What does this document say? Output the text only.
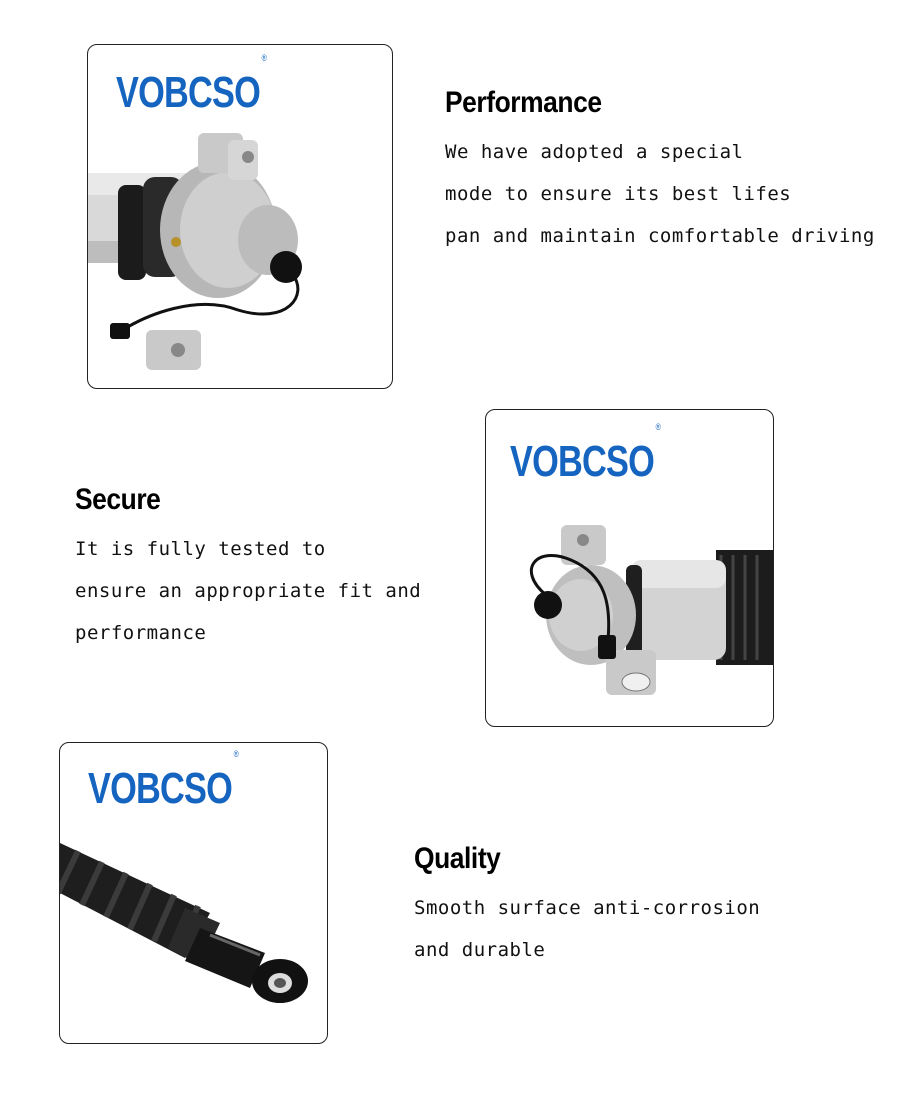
VOBCSO®
Performance
We have adopted a special
mode to ensure its best lifes
pan and maintain comfortable driving
VOBCSO®
Secure
It is fully tested to
ensure an appropriate fit and
performance
VOBCSO®
Quality
Smooth surface anti-corrosion
and durable
